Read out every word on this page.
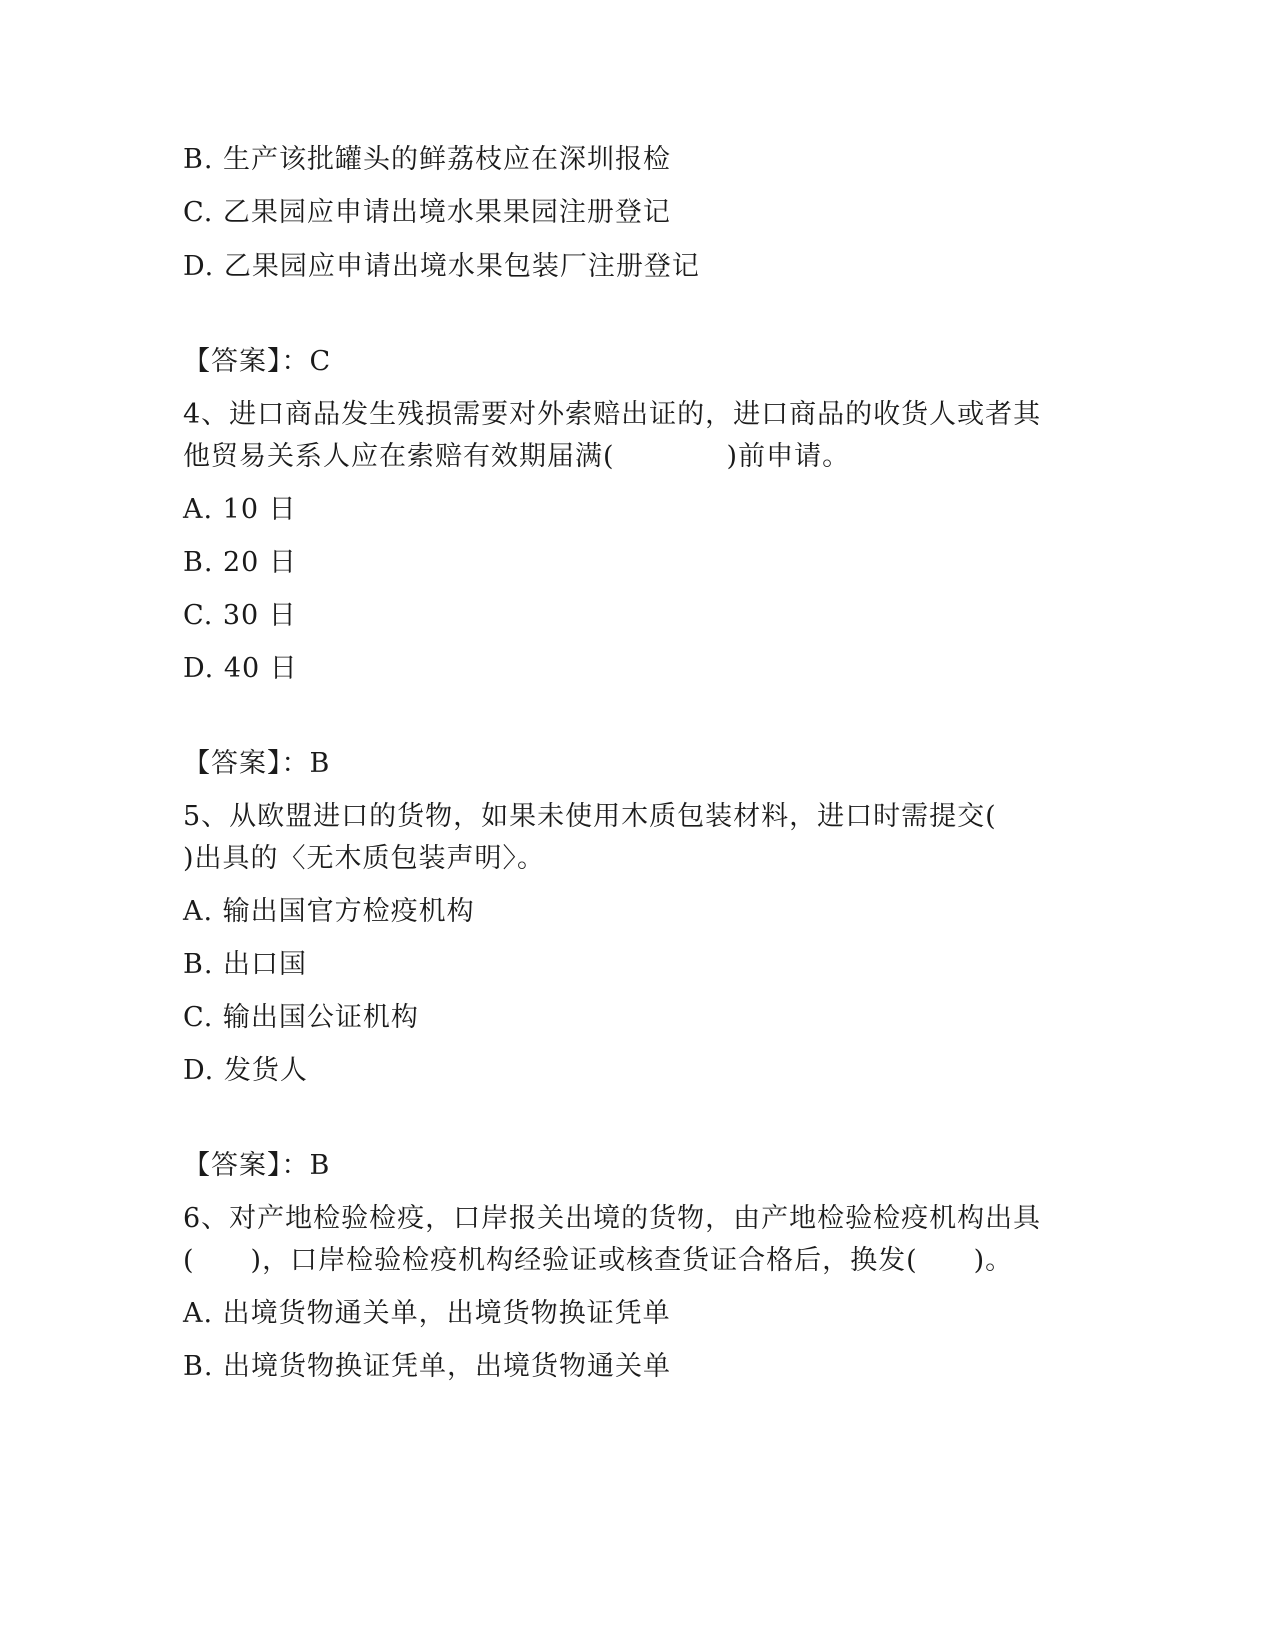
B. 生产该批罐头的鲜荔枝应在深圳报检
C. 乙果园应申请出境水果果园注册登记
D. 乙果园应申请出境水果包装厂注册登记
【答案】：C
4、进口商品发生残损需要对外索赔出证的，进口商品的收货人或者其
他贸易关系人应在索赔有效期届满(　　　　)前申请。
A. 10 日
B. 20 日
C. 30 日
D. 40 日
【答案】：B
5、从欧盟进口的货物，如果未使用木质包装材料，进口时需提交(
)出具的〈无木质包装声明〉。
A. 输出国官方检疫机构
B. 出口国
C. 输出国公证机构
D. 发货人
【答案】：B
6、对产地检验检疫，口岸报关出境的货物，由产地检验检疫机构出具
(　　)，口岸检验检疫机构经验证或核查货证合格后，换发(　　)。
A. 出境货物通关单，出境货物换证凭单
B. 出境货物换证凭单，出境货物通关单
